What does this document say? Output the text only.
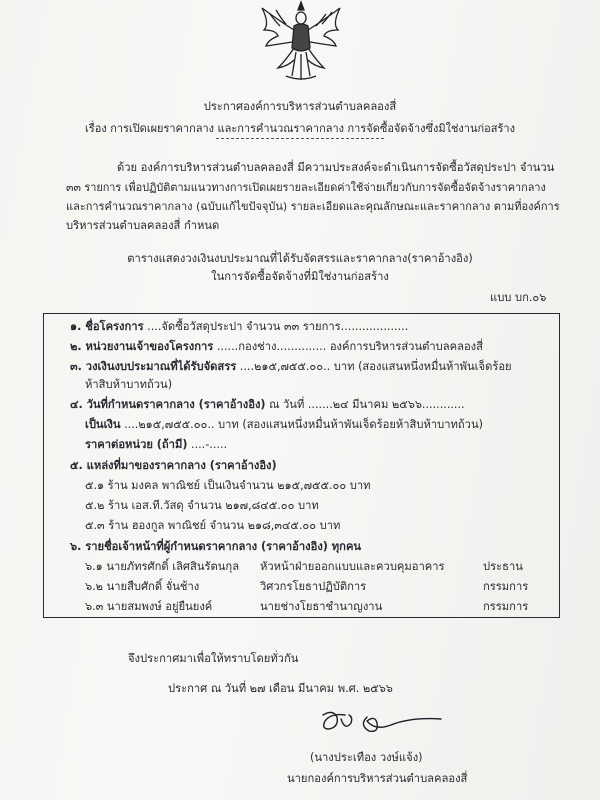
ประกาศองค์การบริหารส่วนตำบลคลองสี่
เรื่อง การเปิดเผยราคากลาง และการคำนวณราคากลาง การจัดซื้อจัดจ้างซึ่งมิใช่งานก่อสร้าง
ด้วย องค์การบริหารส่วนตำบลคลองสี่ มีความประสงค์จะดำเนินการจัดซื้อวัสดุประปา จำนวน
๓๓ รายการ เพื่อปฏิบัติตามแนวทางการเปิดเผยรายละเอียดค่าใช้จ่ายเกี่ยวกับการจัดซื้อจัดจ้างราคากลาง
และการคำนวณราคากลาง (ฉบับแก้ไขปัจจุบัน) รายละเอียดและคุณลักษณะและราคากลาง ตามที่องค์การ
บริหารส่วนตำบลคลองสี่ กำหนด
ตารางแสดงวงเงินงบประมาณที่ได้รับจัดสรรและราคากลาง(ราคาอ้างอิง)
ในการจัดซื้อจัดจ้างที่มิใช่งานก่อสร้าง
แบบ บก.๐๖
๑. ชื่อโครงการ ....จัดซื้อวัสดุประปา จำนวน ๓๓ รายการ...................
๒. หน่วยงานเจ้าของโครงการ ......กองช่าง.............. องค์การบริหารส่วนตำบลคลองสี่
๓. วงเงินงบประมาณที่ได้รับจัดสรร ....๒๑๕,๗๕๕.๐๐.. บาท (สองแสนหนึ่งหมื่นห้าพันเจ็ดร้อย
ห้าสิบห้าบาทถ้วน)
๔. วันที่กำหนดราคากลาง (ราคาอ้างอิง) ณ วันที่ .......๒๔ มีนาคม ๒๕๖๖............
เป็นเงิน ....๒๑๕,๗๕๕.๐๐.. บาท (สองแสนหนึ่งหมื่นห้าพันเจ็ดร้อยห้าสิบห้าบาทถ้วน)
ราคาต่อหน่วย (ถ้ามี) ....-.....
๕. แหล่งที่มาของราคากลาง (ราคาอ้างอิง)
๕.๑ ร้าน มงคล พาณิชย์ เป็นเงินจำนวน ๒๑๕,๗๕๕.๐๐ บาท
๕.๒ ร้าน เอส.ที.วัสดุ จำนวน ๒๑๗,๘๔๕.๐๐ บาท
๕.๓ ร้าน ฮองกูล พาณิชย์ จำนวน ๒๑๘,๓๔๕.๐๐ บาท
๖. รายชื่อเจ้าหน้าที่ผู้กำหนดราคากลาง (ราคาอ้างอิง) ทุกคน
๖.๑ นายภัทรศักดิ์ เลิศสินรัตนกุล หัวหน้าฝ่ายออกแบบและควบคุมอาคาร	ประธาน
๖.๒ นายสืบศักดิ์ จั่นช้าง	วิศวกรโยธาปฏิบัติการ	กรรมการ
๖.๓ นายสมพงษ์ อยู่ยืนยงค์	นายช่างโยธาชำนาญงาน	กรรมการ
จึงประกาศมาเพื่อให้ทราบโดยทั่วกัน
ประกาศ ณ วันที่ ๒๗ เดือน มีนาคม พ.ศ. ๒๕๖๖
(นางประเทือง วงษ์แจ้ง)
นายกองค์การบริหารส่วนตำบลคลองสี่
